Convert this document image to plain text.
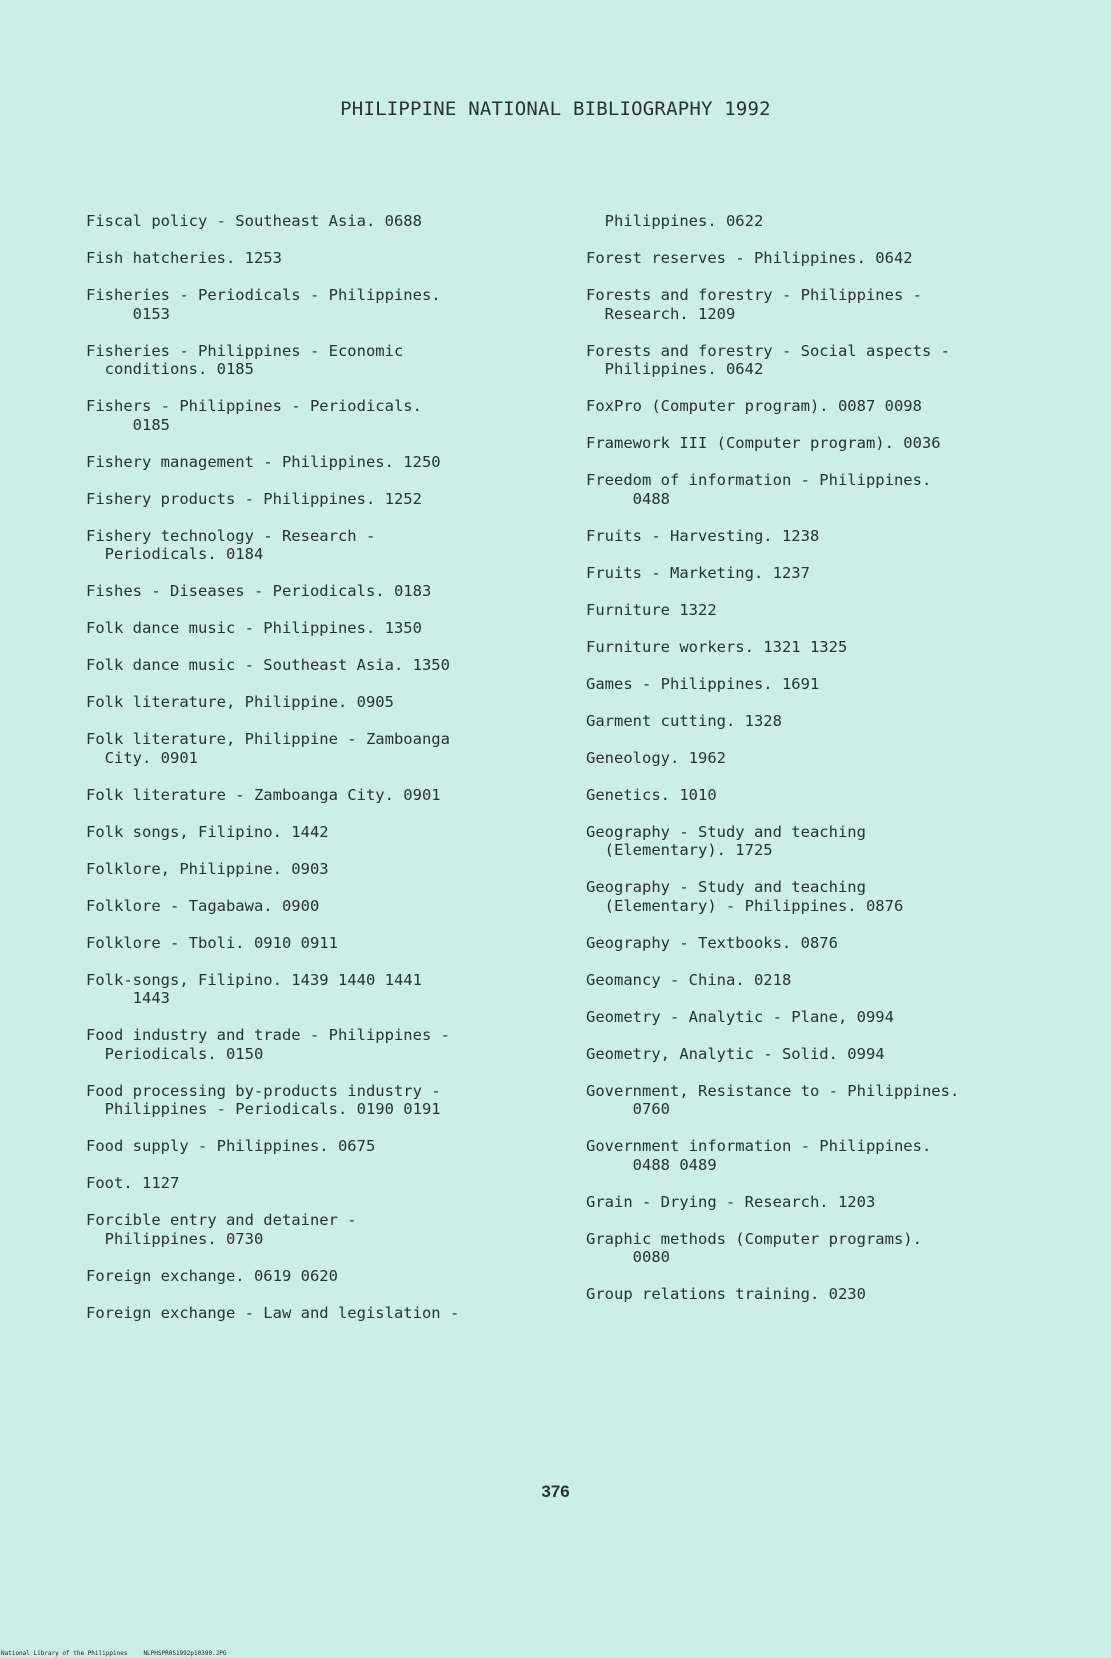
PHILIPPINE NATIONAL BIBLIOGRAPHY 1992
Fiscal policy - Southeast Asia. 0688
Fish hatcheries. 1253
Fisheries - Periodicals - Philippines.
0153
Fisheries - Philippines - Economic
conditions. 0185
Fishers - Philippines - Periodicals.
0185
Fishery management - Philippines. 1250
Fishery products - Philippines. 1252
Fishery technology - Research -
Periodicals. 0184
Fishes - Diseases - Periodicals. 0183
Folk dance music - Philippines. 1350
Folk dance music - Southeast Asia. 1350
Folk literature, Philippine. 0905
Folk literature, Philippine - Zamboanga
City. 0901
Folk literature - Zamboanga City. 0901
Folk songs, Filipino. 1442
Folklore, Philippine. 0903
Folklore - Tagabawa. 0900
Folklore - Tboli. 0910 0911
Folk-songs, Filipino. 1439 1440 1441
1443
Food industry and trade - Philippines -
Periodicals. 0150
Food processing by-products industry -
Philippines - Periodicals. 0190 0191
Food supply - Philippines. 0675
Foot. 1127
Forcible entry and detainer -
Philippines. 0730
Foreign exchange. 0619 0620
Foreign exchange - Law and legislation -
Philippines. 0622
Forest reserves - Philippines. 0642
Forests and forestry - Philippines -
Research. 1209
Forests and forestry - Social aspects -
Philippines. 0642
FoxPro (Computer program). 0087 0098
Framework III (Computer program). 0036
Freedom of information - Philippines.
0488
Fruits - Harvesting. 1238
Fruits - Marketing. 1237
Furniture 1322
Furniture workers. 1321 1325
Games - Philippines. 1691
Garment cutting. 1328
Geneology. 1962
Genetics. 1010
Geography - Study and teaching
(Elementary). 1725
Geography - Study and teaching
(Elementary) - Philippines. 0876
Geography - Textbooks. 0876
Geomancy - China. 0218
Geometry - Analytic - Plane, 0994
Geometry, Analytic - Solid. 0994
Government, Resistance to - Philippines.
0760
Government information - Philippines.
0488 0489
Grain - Drying - Research. 1203
Graphic methods (Computer programs).
0080
Group relations training. 0230
376
National Library of the Philippines	NLPHSPR0S1992p10390.JPG
